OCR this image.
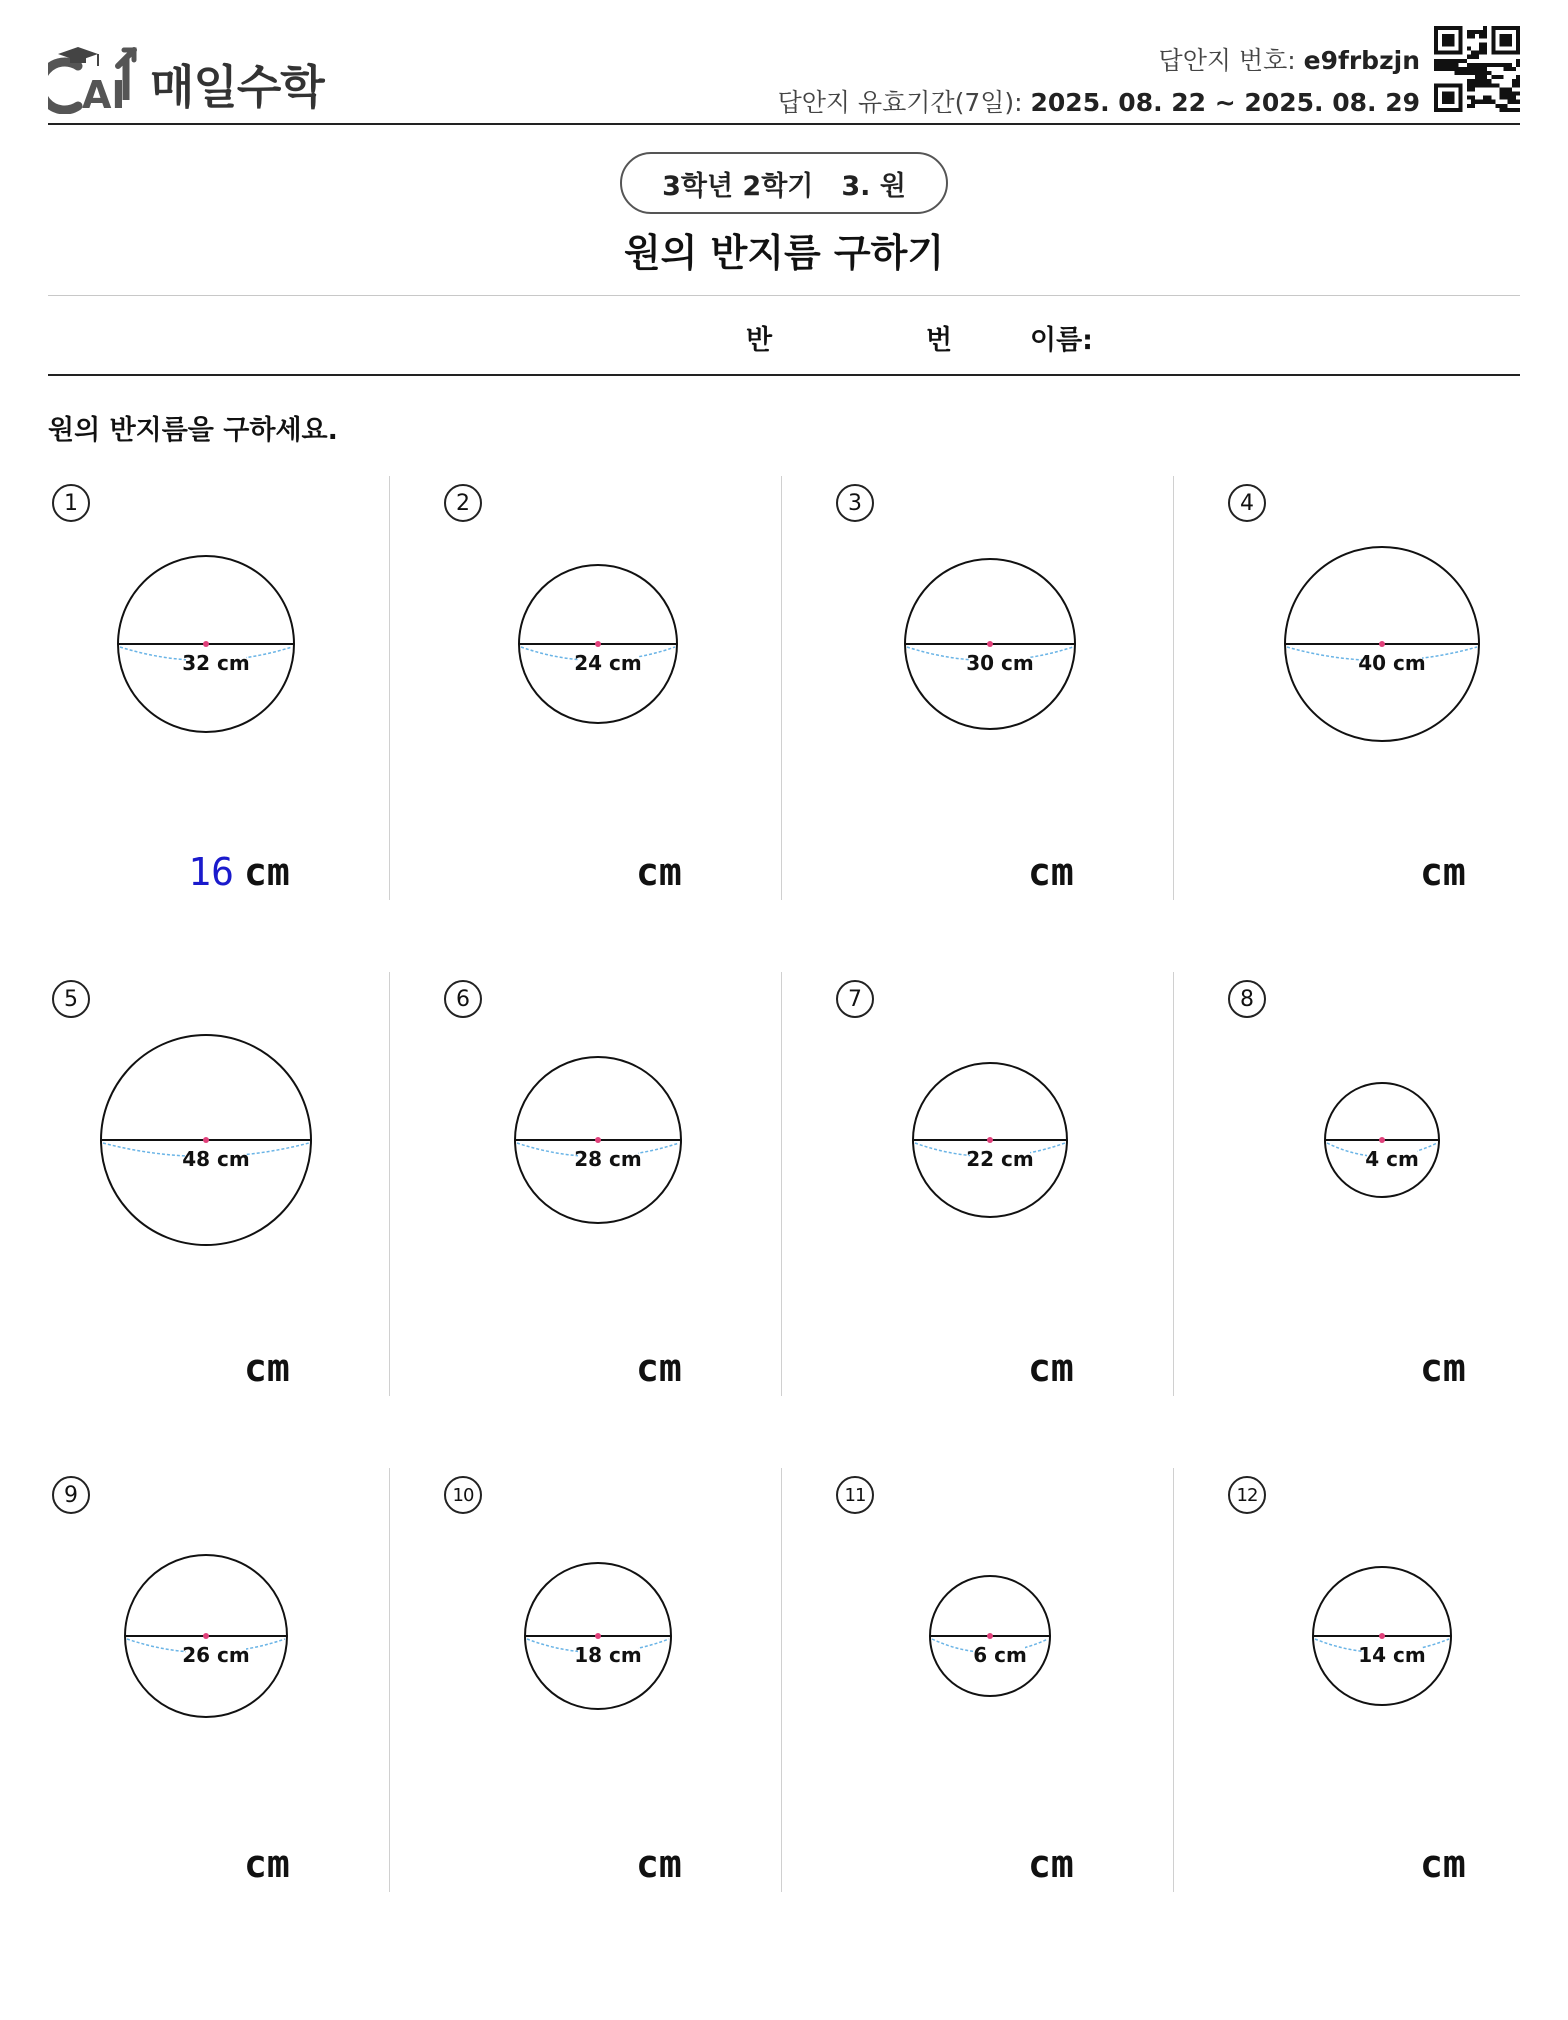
AI 매일수학	답안지 번호: e9frbzjn
답안지 유효기간(7일): 2025. 08. 22 ~ 2025. 08. 29
3학년 2학기 3. 원
원의 반지름 구하기
반	번	이름:
원의 반지름을 구하세요.
1
32 cm
16 cm
2
24 cm
cm
3
30 cm
cm
4
40 cm
cm
5
48 cm
cm
6
28 cm
cm
7
22 cm
cm
8
4 cm
cm
9
26 cm
cm
10
18 cm
cm
11
6 cm
cm
12
14 cm
cm
